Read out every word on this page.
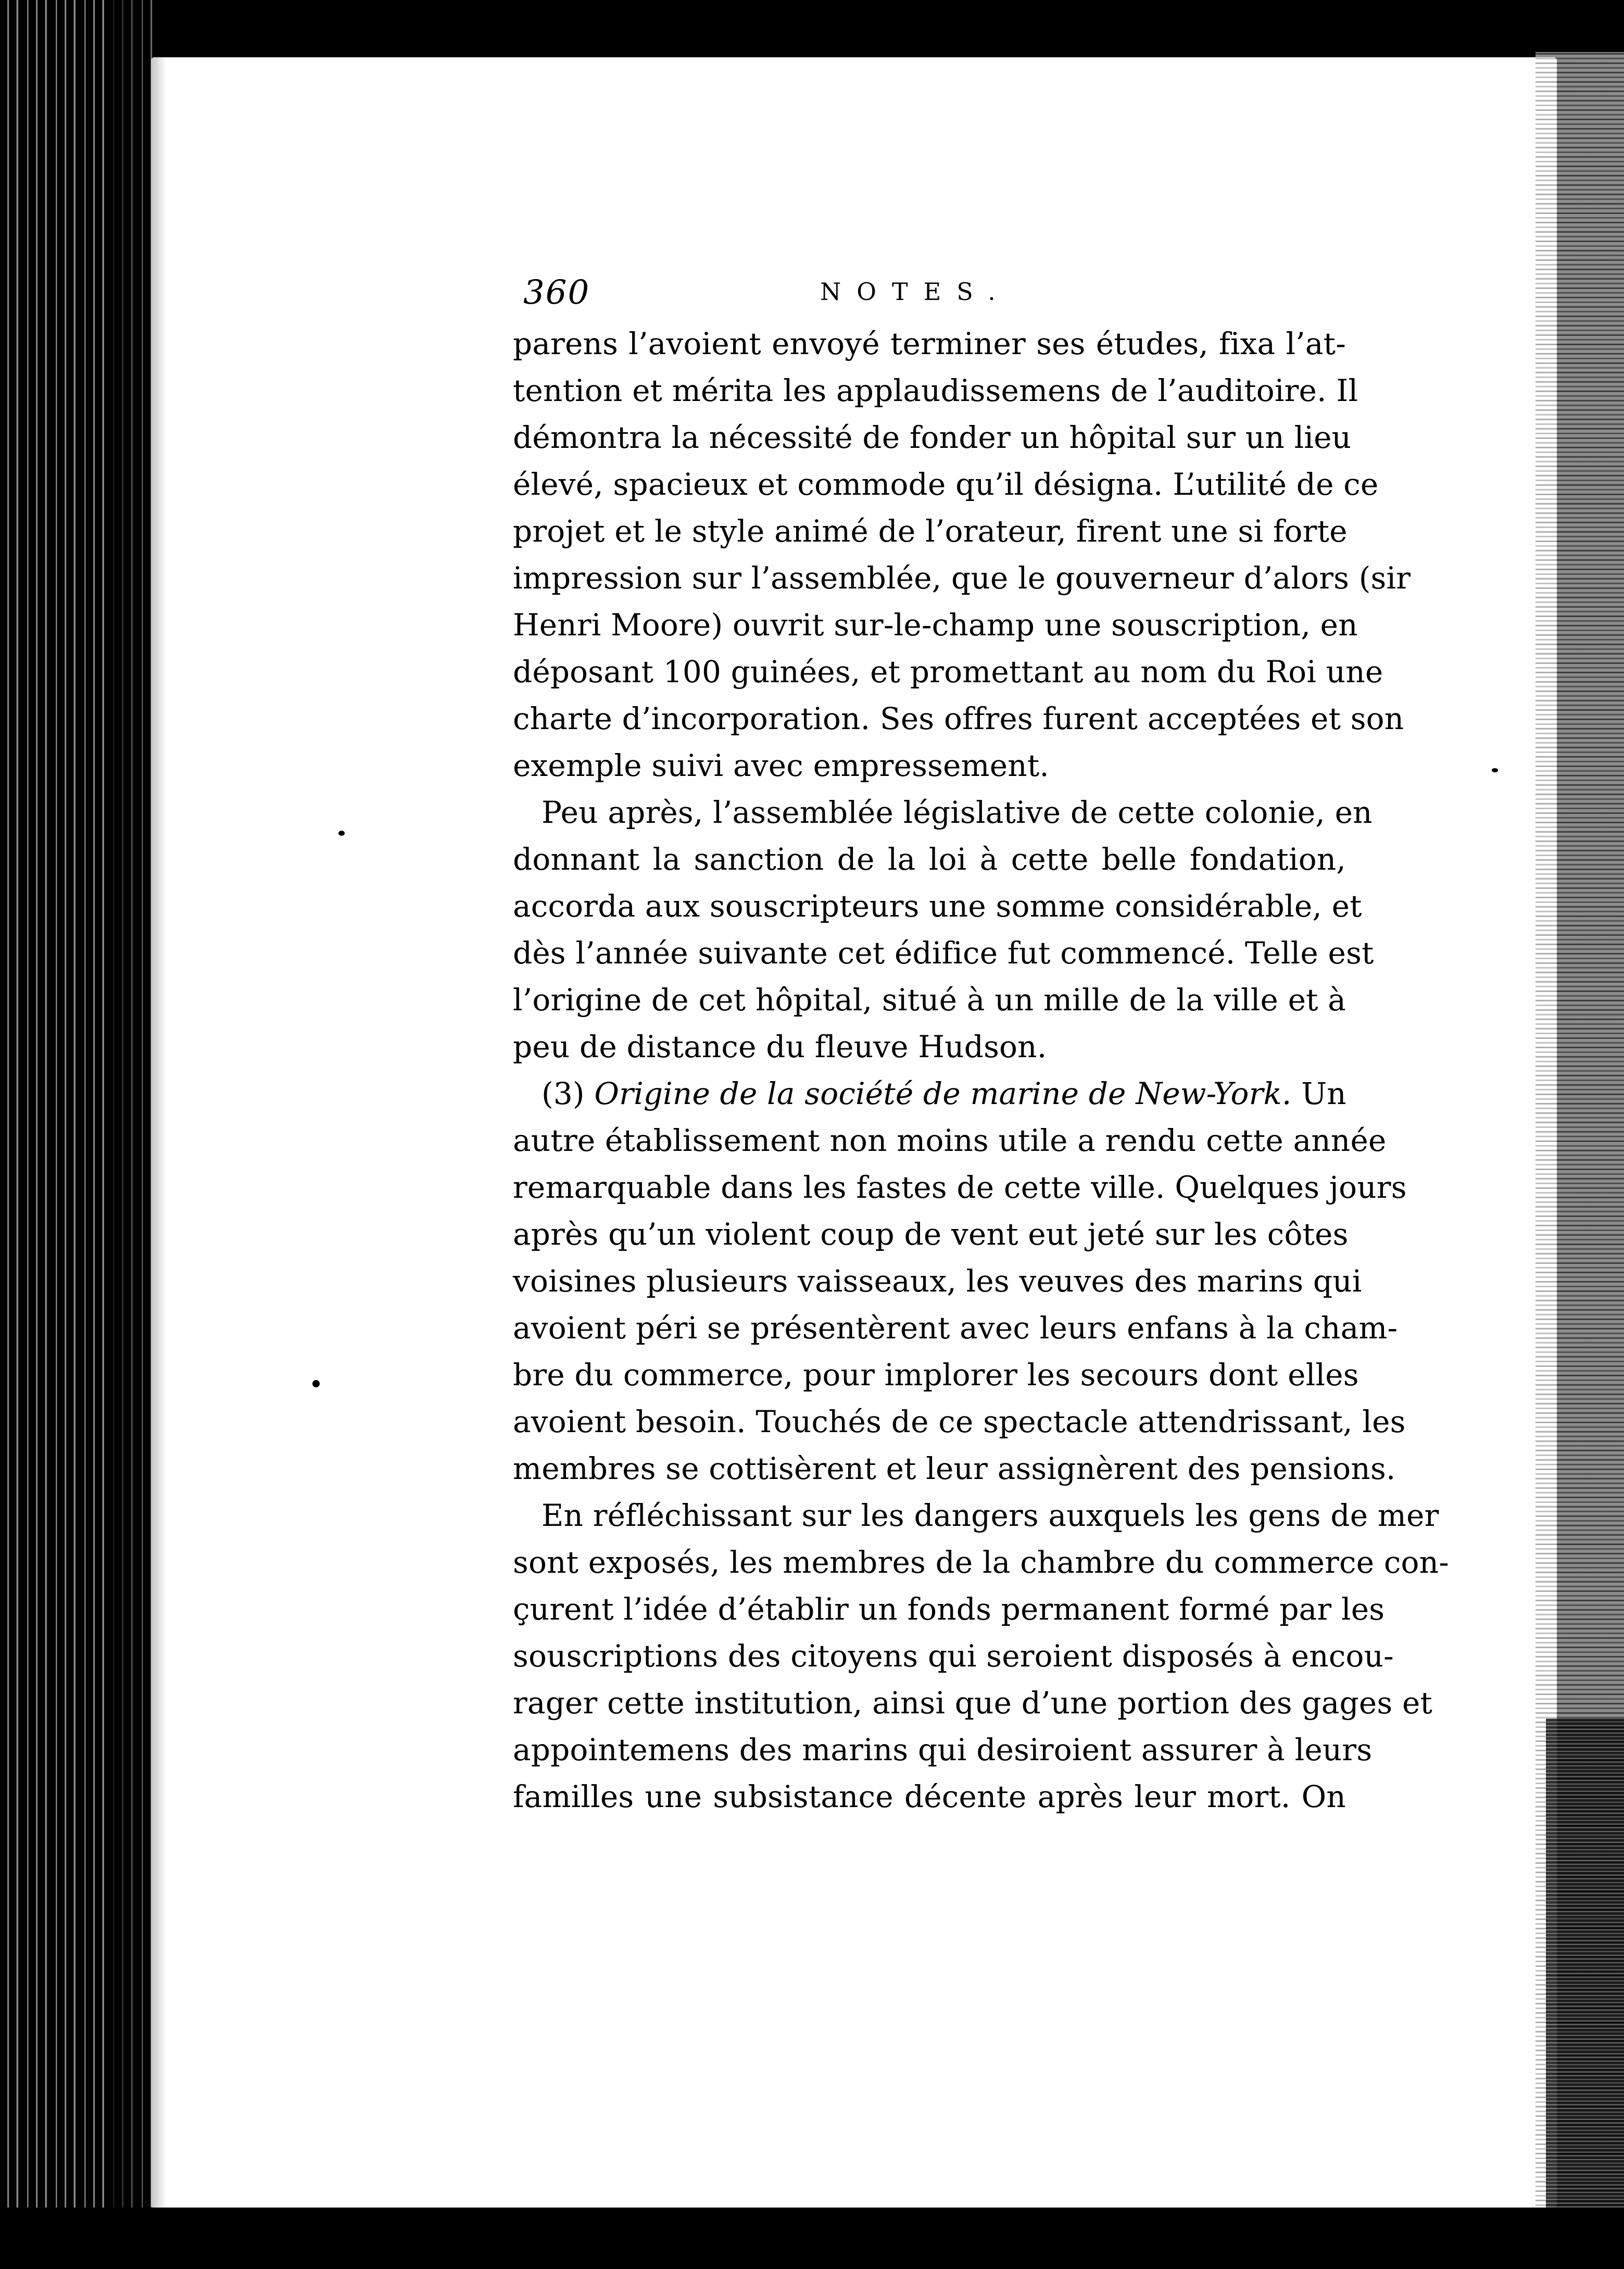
360	NOTES.
parens l’avoient envoyé terminer ses études, fixa l’at-
tention et mérita les applaudissemens de l’auditoire. Il
démontra la nécessité de fonder un hôpital sur un lieu
élevé, spacieux et commode qu’il désigna. L’utilité de ce
projet et le style animé de l’orateur, firent une si forte
impression sur l’assemblée, que le gouverneur d’alors (sir
Henri Moore) ouvrit sur-le-champ une souscription, en
déposant 100 guinées, et promettant au nom du Roi une
charte d’incorporation. Ses offres furent acceptées et son
exemple suivi avec empressement.
Peu après, l’assemblée législative de cette colonie, en
donnant la sanction de la loi à cette belle fondation,
accorda aux souscripteurs une somme considérable, et
dès l’année suivante cet édifice fut commencé. Telle est
l’origine de cet hôpital, situé à un mille de la ville et à
peu de distance du fleuve Hudson.
(3) Origine de la société de marine de New-York. Un
autre établissement non moins utile a rendu cette année
remarquable dans les fastes de cette ville. Quelques jours
après qu’un violent coup de vent eut jeté sur les côtes
voisines plusieurs vaisseaux, les veuves des marins qui
avoient péri se présentèrent avec leurs enfans à la cham-
bre du commerce, pour implorer les secours dont elles
avoient besoin. Touchés de ce spectacle attendrissant, les
membres se cottisèrent et leur assignèrent des pensions.
En réfléchissant sur les dangers auxquels les gens de mer
sont exposés, les membres de la chambre du commerce con-
çurent l’idée d’établir un fonds permanent formé par les
souscriptions des citoyens qui seroient disposés à encou-
rager cette institution, ainsi que d’une portion des gages et
appointemens des marins qui desiroient assurer à leurs
familles une subsistance décente après leur mort. On
